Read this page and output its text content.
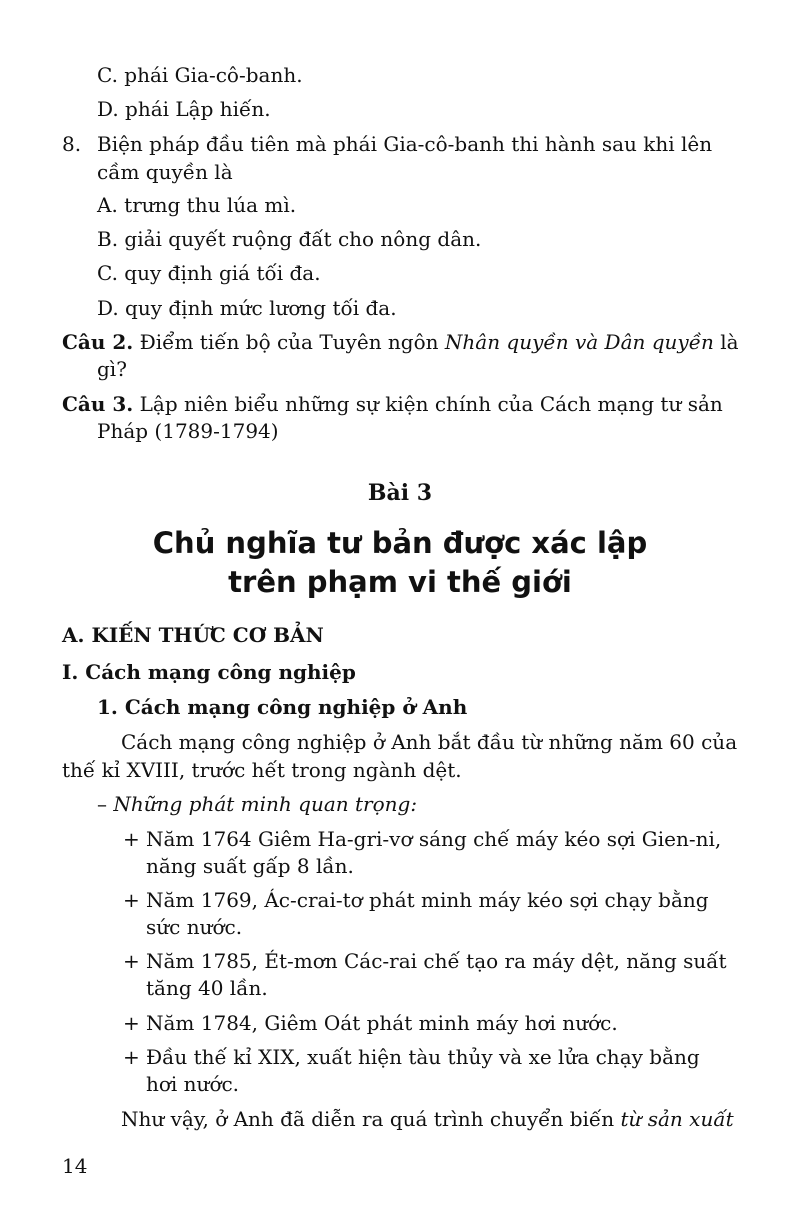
C. phái Gia-cô-banh.
D. phái Lập hiến.
8. Biện pháp đầu tiên mà phái Gia-cô-banh thi hành sau khi lên
cầm quyền là
A. trưng thu lúa mì.
B. giải quyết ruộng đất cho nông dân.
C. quy định giá tối đa.
D. quy định mức lương tối đa.
Câu 2. Điểm tiến bộ của Tuyên ngôn Nhân quyền và Dân quyền là
gì?
Câu 3. Lập niên biểu những sự kiện chính của Cách mạng tư sản
Pháp (1789-1794)
Bài 3
Chủ nghĩa tư bản được xác lập
trên phạm vi thế giới
A. KIẾN THỨC CƠ BẢN
I. Cách mạng công nghiệp
1. Cách mạng công nghiệp ở Anh
Cách mạng công nghiệp ở Anh bắt đầu từ những năm 60 của
thế kỉ XVIII, trước hết trong ngành dệt.
– Những phát minh quan trọng:
+ Năm 1764 Giêm Ha-gri-vơ sáng chế máy kéo sợi Gien-ni,
năng suất gấp 8 lần.
+ Năm 1769, Ác-crai-tơ phát minh máy kéo sợi chạy bằng
sức nước.
+ Năm 1785, Ét-mơn Các-rai chế tạo ra máy dệt, năng suất
tăng 40 lần.
+ Năm 1784, Giêm Oát phát minh máy hơi nước.
+ Đầu thế kỉ XIX, xuất hiện tàu thủy và xe lửa chạy bằng
hơi nước.
Như vậy, ở Anh đã diễn ra quá trình chuyển biến từ sản xuất
14
